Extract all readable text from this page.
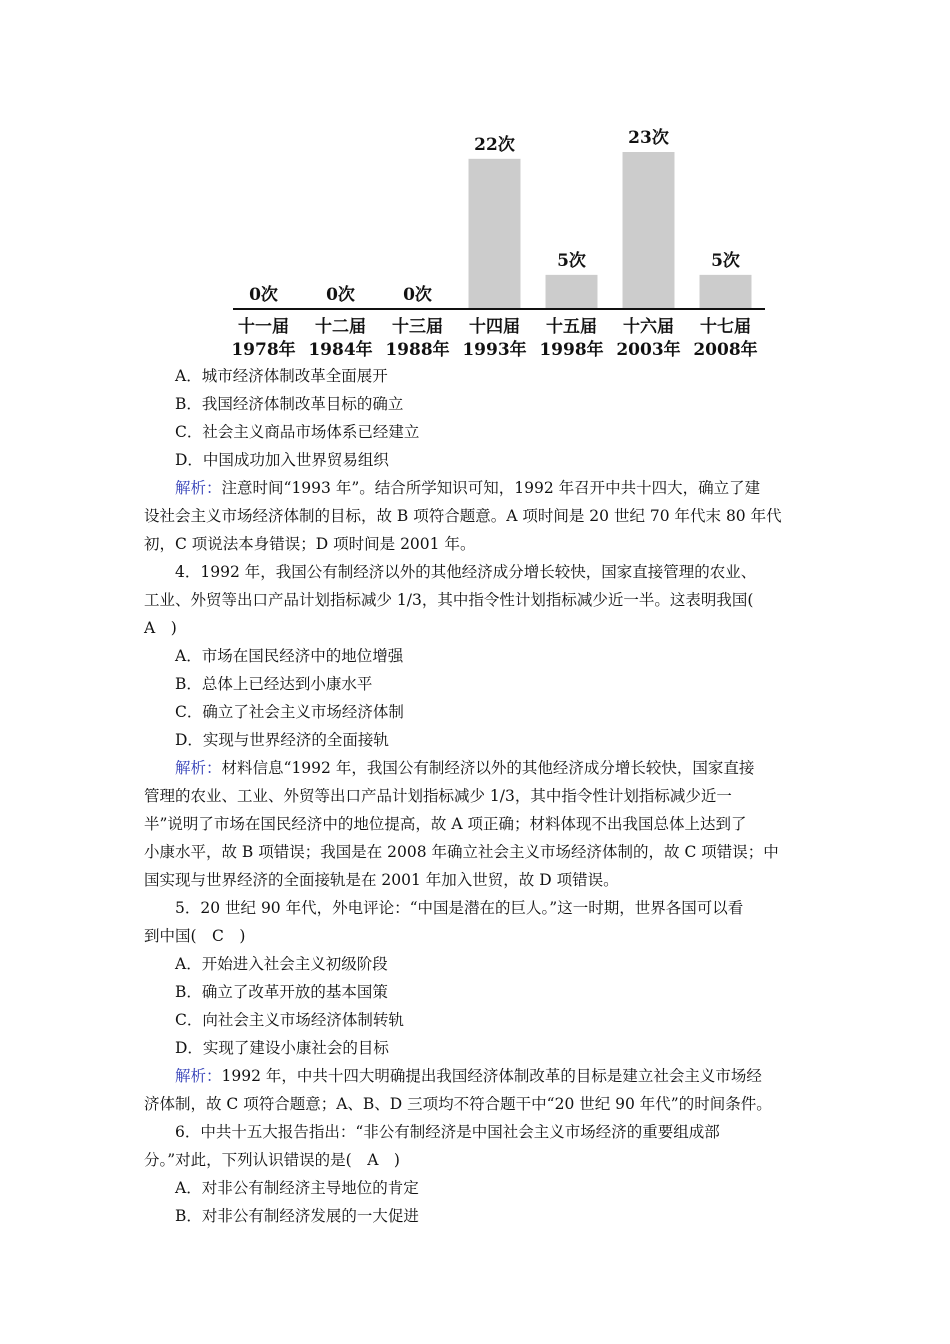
0次
十一届
1978年
0次
十二届
1984年
0次
十三届
1988年
22次
十四届
1993年
5次
十五届
1998年
23次
十六届
2003年
5次
十七届
2008年
A．城市经济体制改革全面展开
B．我国经济体制改革目标的确立
C．社会主义商品市场体系已经建立
D．中国成功加入世界贸易组织
解析：注意时间“1993 年”。结合所学知识可知，1992 年召开中共十四大，确立了建
设社会主义市场经济体制的目标，故 B 项符合题意。A 项时间是 20 世纪 70 年代末 80 年代
初，C 项说法本身错误；D 项时间是 2001 年。
4．1992 年，我国公有制经济以外的其他经济成分增长较快，国家直接管理的农业、
工业、外贸等出口产品计划指标减少 1/3，其中指令性计划指标减少近一半。这表明我国(
A　)
A．市场在国民经济中的地位增强
B．总体上已经达到小康水平
C．确立了社会主义市场经济体制
D．实现与世界经济的全面接轨
解析：材料信息“1992 年，我国公有制经济以外的其他经济成分增长较快，国家直接
管理的农业、工业、外贸等出口产品计划指标减少 1/3，其中指令性计划指标减少近一
半”说明了市场在国民经济中的地位提高，故 A 项正确；材料体现不出我国总体上达到了
小康水平，故 B 项错误；我国是在 2008 年确立社会主义市场经济体制的，故 C 项错误；中
国实现与世界经济的全面接轨是在 2001 年加入世贸，故 D 项错误。
5．20 世纪 90 年代，外电评论：“中国是潜在的巨人。”这一时期，世界各国可以看
到中国(　C　)
A．开始进入社会主义初级阶段
B．确立了改革开放的基本国策
C．向社会主义市场经济体制转轨
D．实现了建设小康社会的目标
解析：1992 年，中共十四大明确提出我国经济体制改革的目标是建立社会主义市场经
济体制，故 C 项符合题意；A、B、D 三项均不符合题干中“20 世纪 90 年代”的时间条件。
6．中共十五大报告指出：“非公有制经济是中国社会主义市场经济的重要组成部
分。”对此，下列认识错误的是(　A　)
A．对非公有制经济主导地位的肯定
B．对非公有制经济发展的一大促进
